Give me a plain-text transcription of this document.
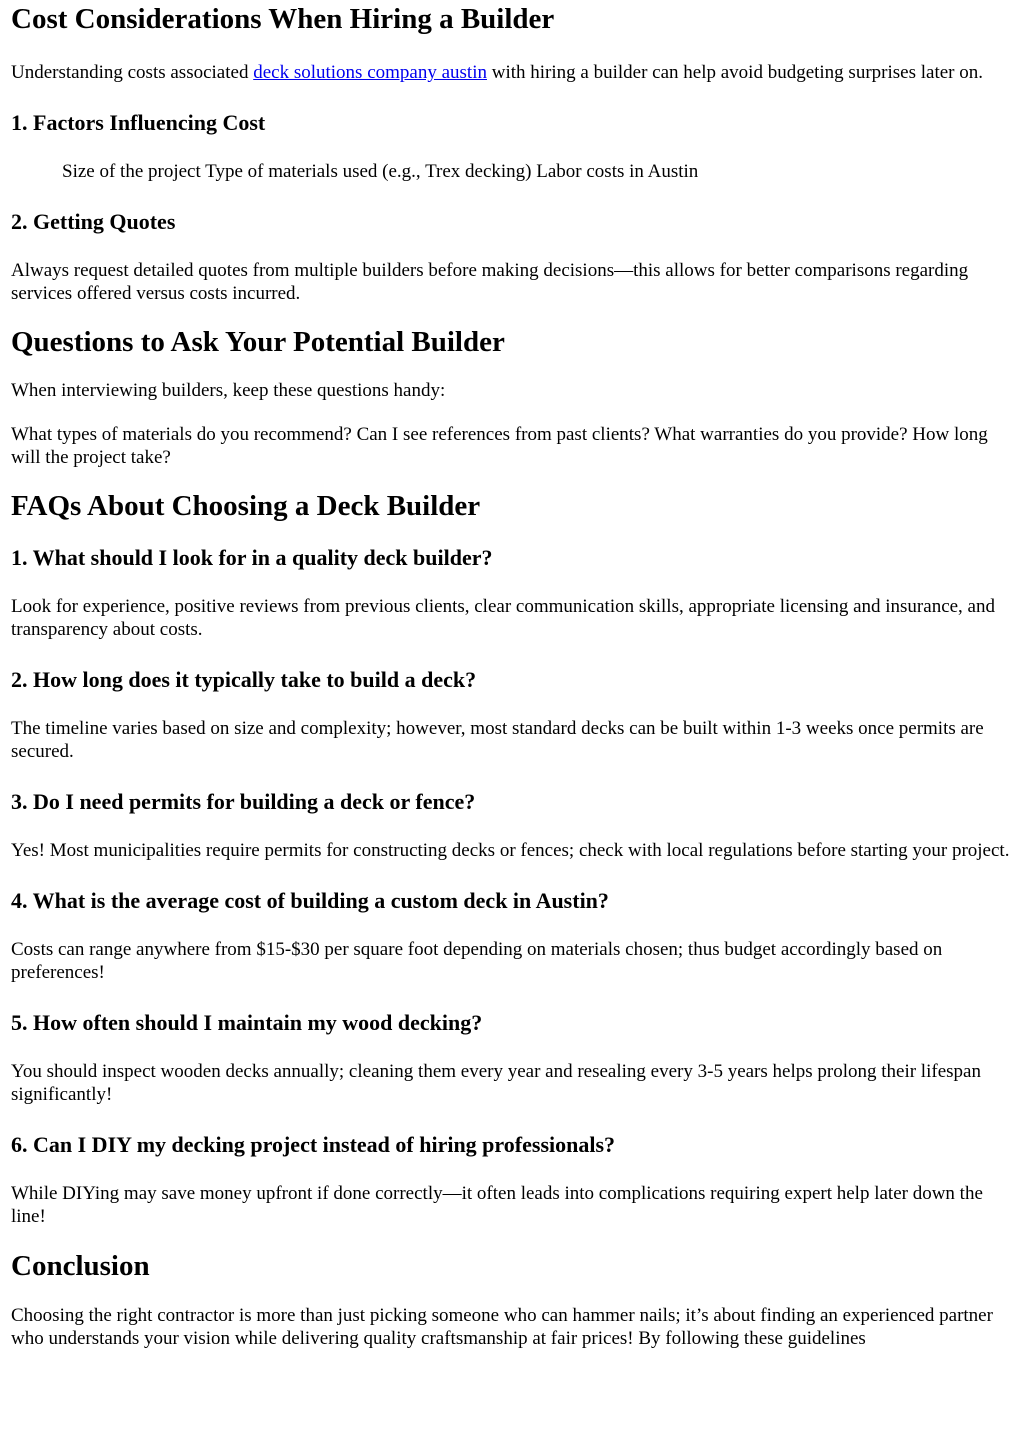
Cost Considerations When Hiring a Builder

Understanding costs associated deck solutions company austin with hiring a builder can help avoid budgeting surprises later on.

1. Factors Influencing Cost

Size of the project Type of materials used (e.g., Trex decking) Labor costs in Austin

2. Getting Quotes

Always request detailed quotes from multiple builders before making decisions—this allows for better comparisons regarding services offered versus costs incurred.

Questions to Ask Your Potential Builder

When interviewing builders, keep these questions handy:

What types of materials do you recommend? Can I see references from past clients? What warranties do you provide? How long will the project take?

FAQs About Choosing a Deck Builder
1. What should I look for in a quality deck builder?

Look for experience, positive reviews from previous clients, clear communication skills, appropriate licensing and insurance, and transparency about costs.

2. How long does it typically take to build a deck?

The timeline varies based on size and complexity; however, most standard decks can be built within 1-3 weeks once permits are secured.

3. Do I need permits for building a deck or fence?

Yes! Most municipalities require permits for constructing decks or fences; check with local regulations before starting your project.

4. What is the average cost of building a custom deck in Austin?

Costs can range anywhere from $15-$30 per square foot depending on materials chosen; thus budget accordingly based on preferences!

5. How often should I maintain my wood decking?

You should inspect wooden decks annually; cleaning them every year and resealing every 3-5 years helps prolong their lifespan significantly!

6. Can I DIY my decking project instead of hiring professionals?

While DIYing may save money upfront if done correctly—it often leads into complications requiring expert help later down the line!

Conclusion

Choosing the right contractor is more than just picking someone who can hammer nails; it’s about finding an experienced partner who understands your vision while delivering quality craftsmanship at fair prices! By following these guidelines
